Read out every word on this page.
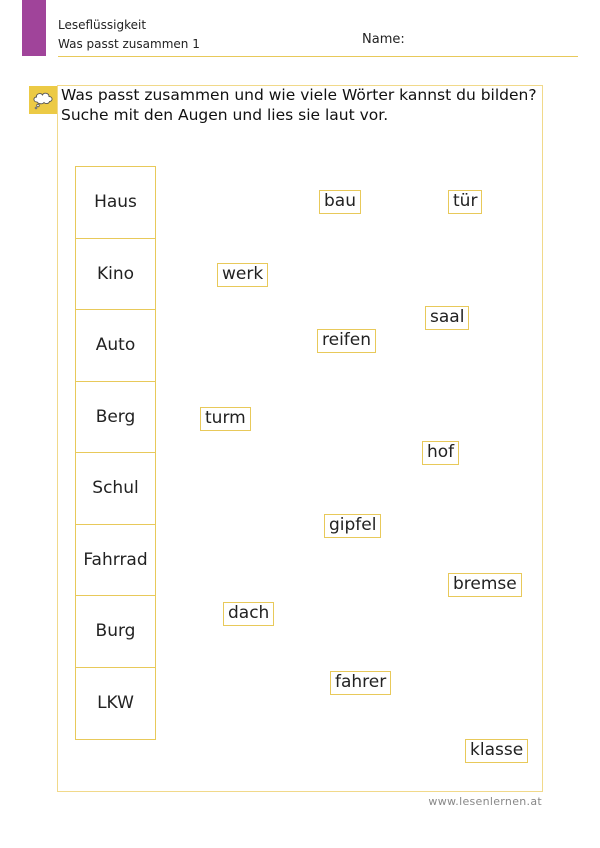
Leseflüssigkeit
Was passt zusammen 1	Name:
Was passt zusammen und wie viele Wörter kannst du bilden?
Suche mit den Augen und lies sie laut vor.
Haus
Kino
Auto
Berg
Schul
Fahrrad
Burg
LKW
bau	tür
werk
saal
reifen
turm
hof
gipfel
bremse
dach
fahrer
klasse
www.lesenlernen.at
